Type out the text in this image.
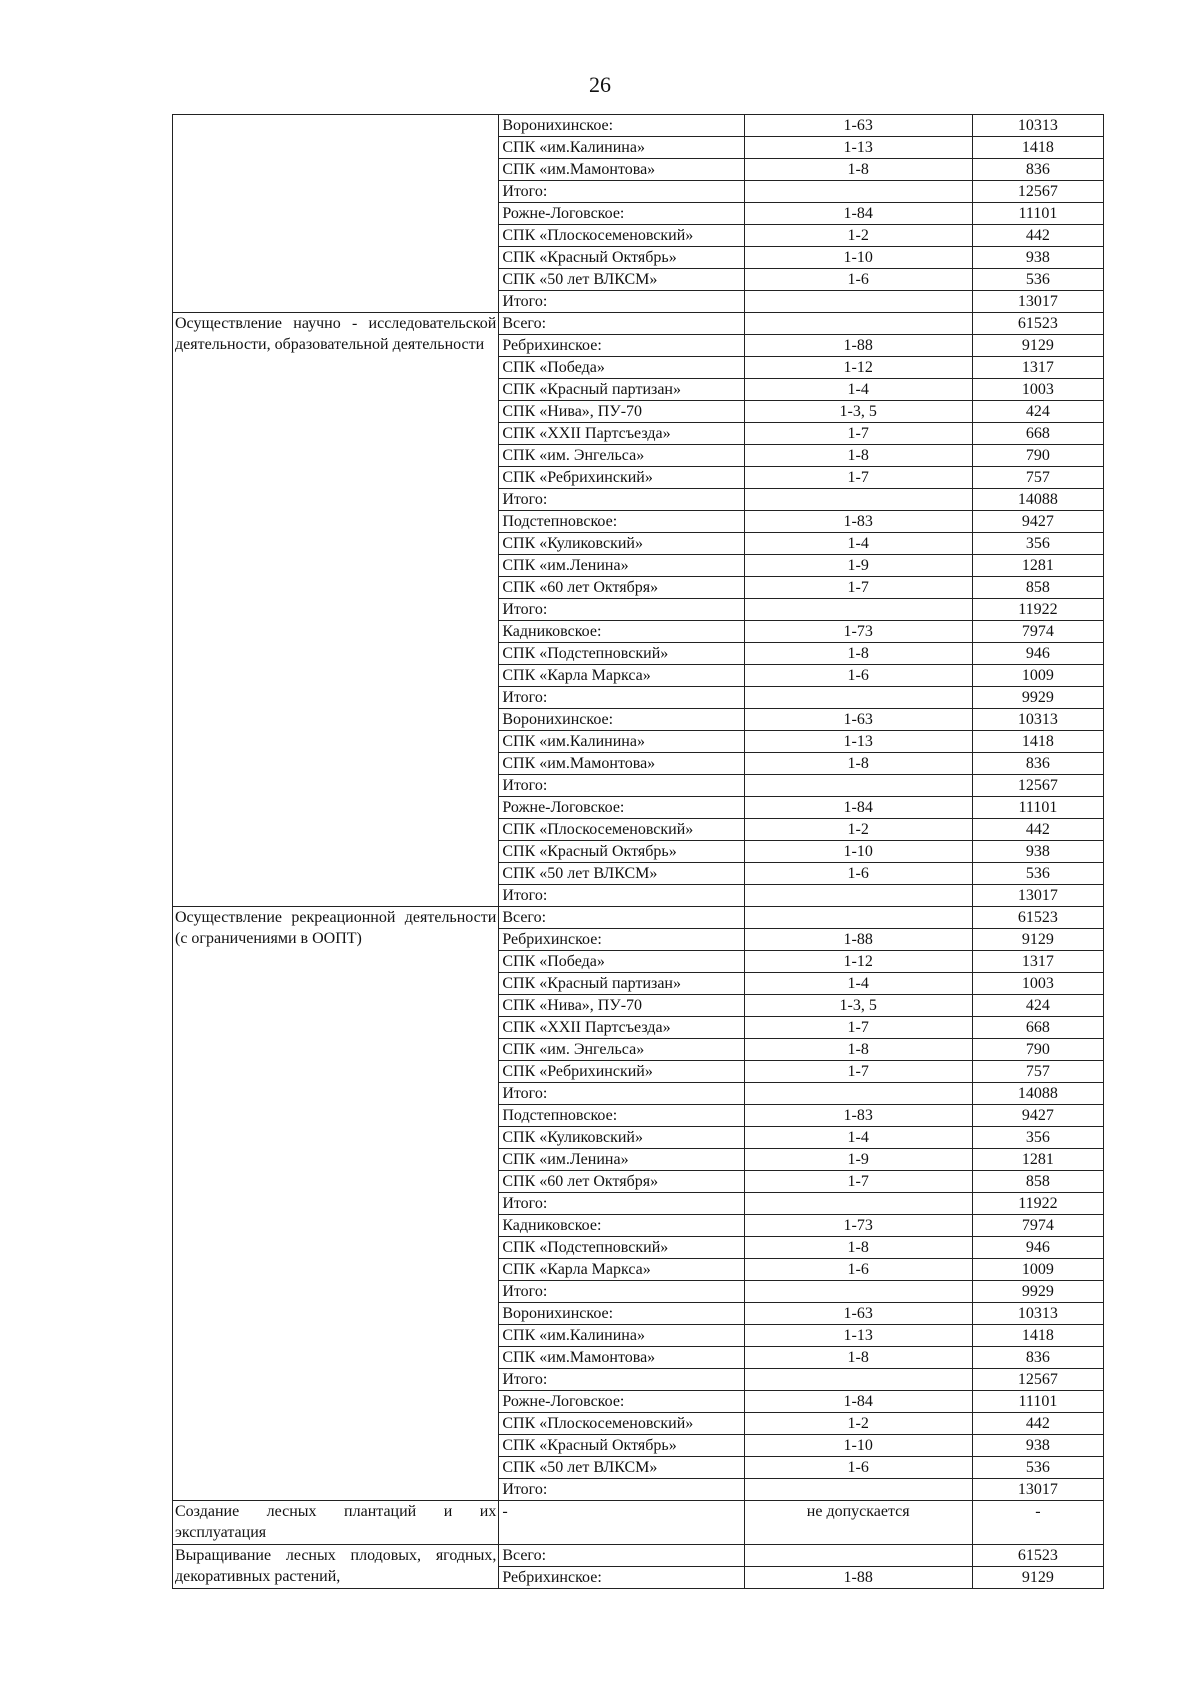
26
	Воронихинское:	1-63	10313
	СПК «им.Калинина»	1-13	1418
	СПК «им.Мамонтова»	1-8	836
	Итого:		12567
	Рожне-Логовское:	1-84	11101
	СПК «Плоскосеменовский»	1-2	442
	СПК «Красный Октябрь»	1-10	938
	СПК «50 лет ВЛКСМ»	1-6	536
	Итого:		13017
Осуществление научно - исследовательской деятельности, образовательной деятельности	Всего:		61523
	Ребрихинское:	1-88	9129
	СПК «Победа»	1-12	1317
	СПК «Красный партизан»	1-4	1003
	СПК «Нива», ПУ-70	1-3, 5	424
	СПК «XXII Партсъезда»	1-7	668
	СПК «им. Энгельса»	1-8	790
	СПК «Ребрихинский»	1-7	757
	Итого:		14088
	Подстепновское:	1-83	9427
	СПК «Куликовский»	1-4	356
	СПК «им.Ленина»	1-9	1281
	СПК «60 лет Октября»	1-7	858
	Итого:		11922
	Кадниковское:	1-73	7974
	СПК «Подстепновский»	1-8	946
	СПК «Карла Маркса»	1-6	1009
	Итого:		9929
	Воронихинское:	1-63	10313
	СПК «им.Калинина»	1-13	1418
	СПК «им.Мамонтова»	1-8	836
	Итого:		12567
	Рожне-Логовское:	1-84	11101
	СПК «Плоскосеменовский»	1-2	442
	СПК «Красный Октябрь»	1-10	938
	СПК «50 лет ВЛКСМ»	1-6	536
	Итого:		13017
Осуществление рекреационной деятельности (с ограничениями в ООПТ)	Всего:		61523
	Ребрихинское:	1-88	9129
	СПК «Победа»	1-12	1317
	СПК «Красный партизан»	1-4	1003
	СПК «Нива», ПУ-70	1-3, 5	424
	СПК «XXII Партсъезда»	1-7	668
	СПК «им. Энгельса»	1-8	790
	СПК «Ребрихинский»	1-7	757
	Итого:		14088
	Подстепновское:	1-83	9427
	СПК «Куликовский»	1-4	356
	СПК «им.Ленина»	1-9	1281
	СПК «60 лет Октября»	1-7	858
	Итого:		11922
	Кадниковское:	1-73	7974
	СПК «Подстепновский»	1-8	946
	СПК «Карла Маркса»	1-6	1009
	Итого:		9929
	Воронихинское:	1-63	10313
	СПК «им.Калинина»	1-13	1418
	СПК «им.Мамонтова»	1-8	836
	Итого:		12567
	Рожне-Логовское:	1-84	11101
	СПК «Плоскосеменовский»	1-2	442
	СПК «Красный Октябрь»	1-10	938
	СПК «50 лет ВЛКСМ»	1-6	536
	Итого:		13017
Создание лесных плантаций и их эксплуатация	-	не допускается	-
Выращивание лесных плодовых, ягодных, декоративных растений,	Всего:		61523
	Ребрихинское:	1-88	9129
